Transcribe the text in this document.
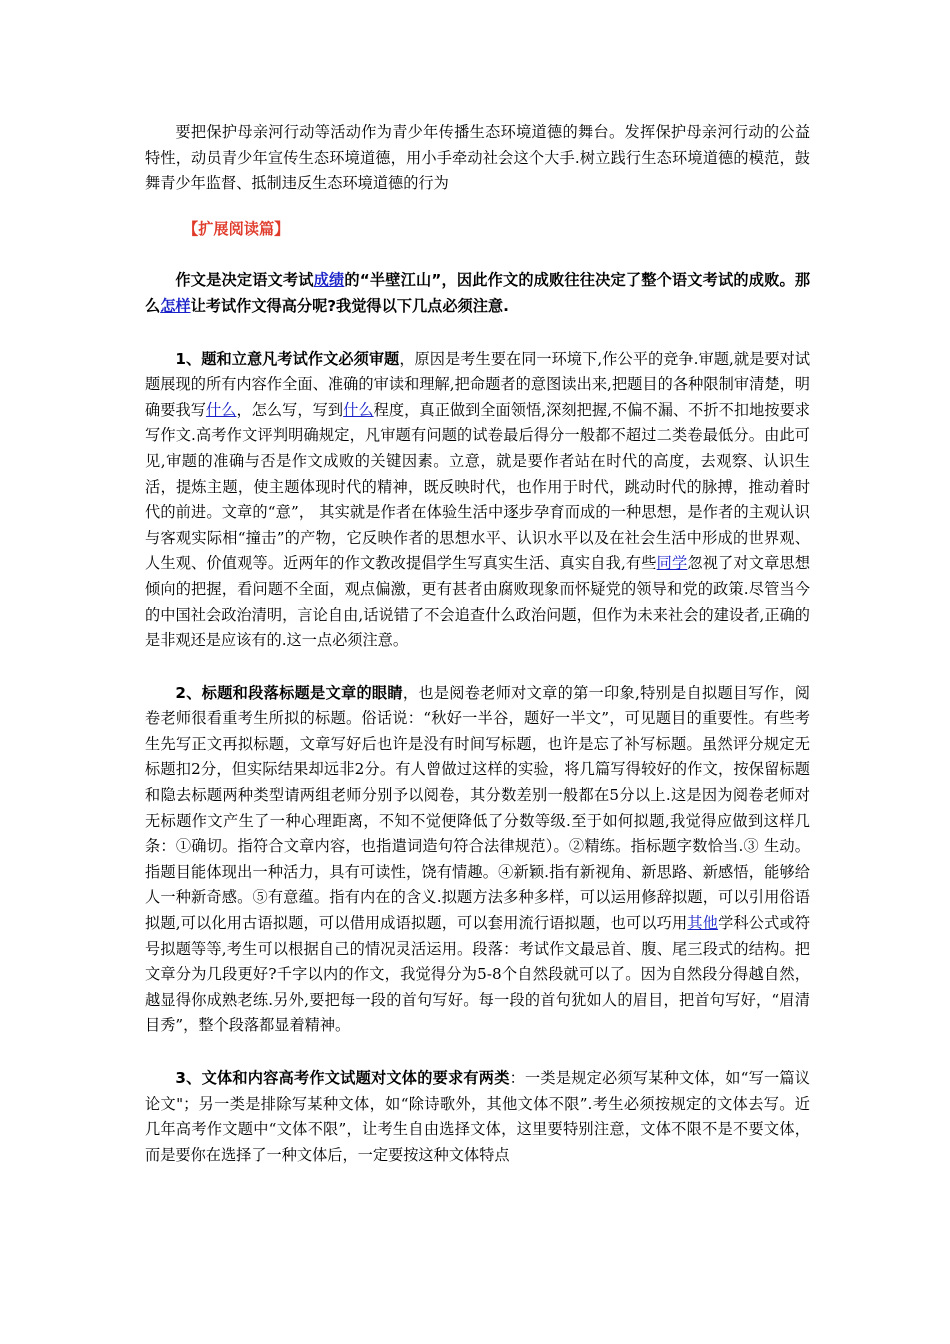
要把保护母亲河行动等活动作为青少年传播生态环境道德的舞台。发挥保护母亲河行动的公益特性，动员青少年宣传生态环境道德，用小手牵动社会这个大手.树立践行生态环境道德的模范，鼓舞青少年监督、抵制违反生态环境道德的行为

【扩展阅读篇】

作文是决定语文考试成绩的“半壁江山”，因此作文的成败往往决定了整个语文考试的成败。那么怎样让考试作文得高分呢?我觉得以下几点必须注意.

1、题和立意凡考试作文必须审题，原因是考生要在同一环境下,作公平的竞争.审题,就是要对试题展现的所有内容作全面、准确的审读和理解,把命题者的意图读出来,把题目的各种限制审清楚，明确要我写什么，怎么写，写到什么程度，真正做到全面领悟,深刻把握,不偏不漏、不折不扣地按要求写作文.高考作文评判明确规定，凡审题有问题的试卷最后得分一般都不超过二类卷最低分。由此可见,审题的准确与否是作文成败的关键因素。立意，就是要作者站在时代的高度，去观察、认识生活，提炼主题，使主题体现时代的精神，既反映时代，也作用于时代，跳动时代的脉搏，推动着时代的前进。文章的“意”， 其实就是作者在体验生活中逐步孕育而成的一种思想，是作者的主观认识与客观实际相“撞击”的产物，它反映作者的思想水平、认识水平以及在社会生活中形成的世界观、人生观、价值观等。近两年的作文教改提倡学生写真实生活、真实自我,有些同学忽视了对文章思想倾向的把握，看问题不全面，观点偏激，更有甚者由腐败现象而怀疑党的领导和党的政策.尽管当今的中国社会政治清明，言论自由,话说错了不会追查什么政治问题，但作为未来社会的建设者,正确的是非观还是应该有的.这一点必须注意。

2、标题和段落标题是文章的眼睛，也是阅卷老师对文章的第一印象,特别是自拟题目写作，阅卷老师很看重考生所拟的标题。俗话说：“秋好一半谷，题好一半文”，可见题目的重要性。有些考生先写正文再拟标题，文章写好后也许是没有时间写标题，也许是忘了补写标题。虽然评分规定无标题扣2分，但实际结果却远非2分。有人曾做过这样的实验，将几篇写得较好的作文，按保留标题和隐去标题两种类型请两组老师分别予以阅卷，其分数差别一般都在5分以上.这是因为阅卷老师对无标题作文产生了一种心理距离，不知不觉便降低了分数等级.至于如何拟题,我觉得应做到这样几条：①确切。指符合文章内容，也指遣词造句符合法律规范）。②精练。指标题字数恰当.③ 生动。指题目能体现出一种活力，具有可读性，饶有情趣。④新颖.指有新视角、新思路、新感悟，能够给人一种新奇感。⑤有意蕴。指有内在的含义.拟题方法多种多样，可以运用修辞拟题，可以引用俗语拟题,可以化用古语拟题，可以借用成语拟题，可以套用流行语拟题，也可以巧用其他学科公式或符号拟题等等,考生可以根据自己的情况灵活运用。段落：考试作文最忌首、腹、尾三段式的结构。把文章分为几段更好?千字以内的作文，我觉得分为5-8个自然段就可以了。因为自然段分得越自然，越显得你成熟老练.另外,要把每一段的首句写好。每一段的首句犹如人的眉目，把首句写好，“眉清目秀”，整个段落都显着精神。

3、文体和内容高考作文试题对文体的要求有两类：一类是规定必须写某种文体，如“写一篇议论文"；另一类是排除写某种文体，如“除诗歌外，其他文体不限”.考生必须按规定的文体去写。近几年高考作文题中“文体不限”，让考生自由选择文体，这里要特别注意，文体不限不是不要文体，而是要你在选择了一种文体后，一定要按这种文体特点
